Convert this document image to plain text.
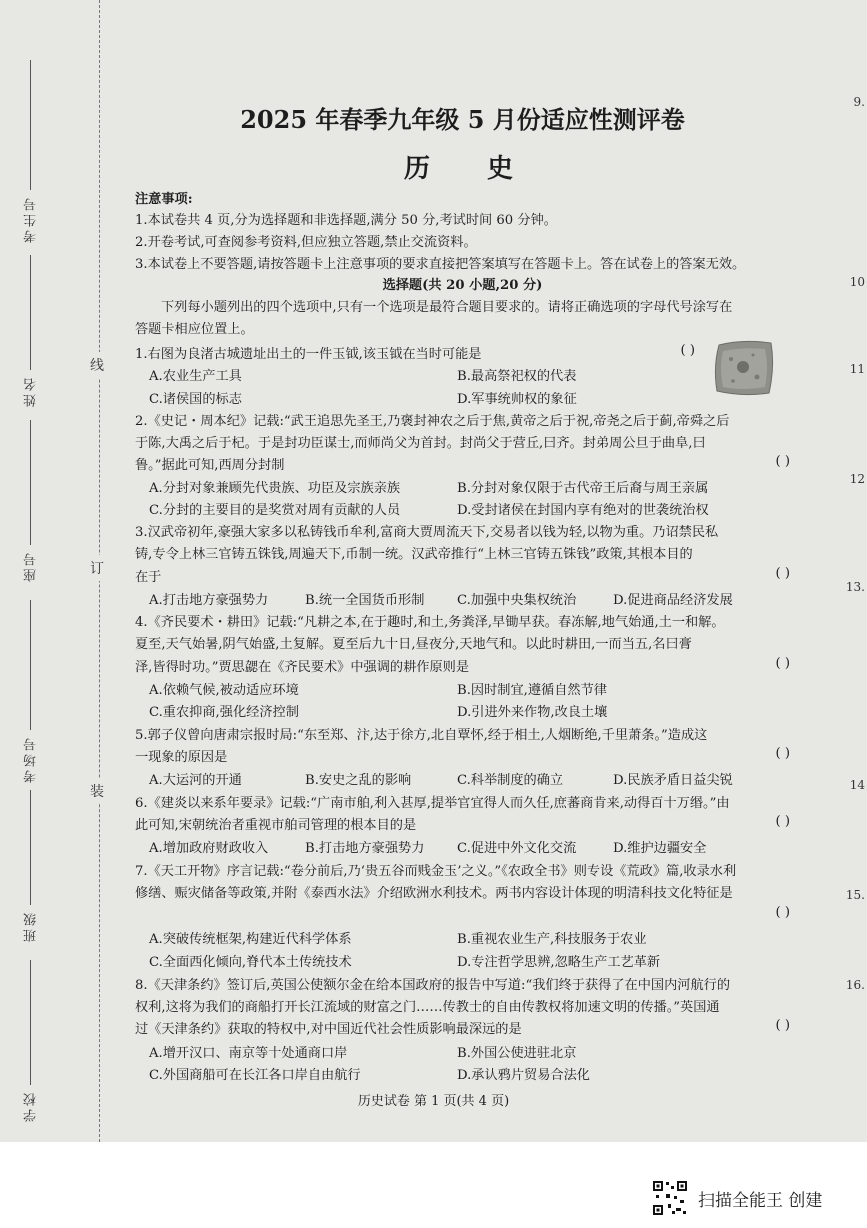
考生号
姓名
座号
考场号
班级
学校
线
订
装
9.
10
11
12
13.
14
15.
16.
2025 年春季九年级 5 月份适应性测评卷
历 史
注意事项:
1.本试卷共 4 页,分为选择题和非选择题,满分 50 分,考试时间 60 分钟。
2.开卷考试,可查阅参考资料,但应独立答题,禁止交流资料。
3.本试卷上不要答题,请按答题卡上注意事项的要求直接把答案填写在答题卡上。答在试卷上的答案无效。
选择题(共 20 小题,20 分)
下列每小题列出的四个选项中,只有一个选项是最符合题目要求的。请将正确选项的字母代号涂写在
答题卡相应位置上。
1.右图为良渚古城遗址出土的一件玉钺,该玉钺在当时可能是	( )
A.农业生产工具	B.最高祭祀权的代表
C.诸侯国的标志	D.军事统帅权的象征
2.《史记・周本纪》记载:“武王追思先圣王,乃褒封神农之后于焦,黄帝之后于祝,帝尧之后于蓟,帝舜之后
于陈,大禹之后于杞。于是封功臣谋士,而师尚父为首封。封尚父于营丘,曰齐。封弟周公旦于曲阜,曰
鲁。”据此可知,西周分封制	( )
A.分封对象兼顾先代贵族、功臣及宗族亲族	B.分封对象仅限于古代帝王后裔与周王亲属
C.分封的主要目的是奖赏对周有贡献的人员	D.受封诸侯在封国内享有绝对的世袭统治权
3.汉武帝初年,豪强大家多以私铸钱币牟利,富商大贾周流天下,交易者以钱为轻,以物为重。乃诏禁民私
铸,专令上林三官铸五铢钱,周遍天下,币制一统。汉武帝推行“上林三官铸五铢钱”政策,其根本目的
在于	( )
A.打击地方豪强势力	B.统一全国货币形制 C.加强中央集权统治	D.促进商品经济发展
4.《齐民要术・耕田》记载:“凡耕之本,在于趣时,和土,务粪泽,早锄早获。春冻解,地气始通,土一和解。
夏至,天气始暑,阴气始盛,土复解。夏至后九十日,昼夜分,天地气和。以此时耕田,一而当五,名曰膏
泽,皆得时功。”贾思勰在《齐民要术》中强调的耕作原则是	( )
A.依赖气候,被动适应环境	B.因时制宜,遵循自然节律
C.重农抑商,强化经济控制	D.引进外来作物,改良土壤
5.郭子仪曾向唐肃宗报时局:“东至郑、汴,达于徐方,北自覃怀,经于相土,人烟断绝,千里萧条。”造成这
一现象的原因是	( )
A.大运河的开通	B.安史之乱的影响	C.科举制度的确立	D.民族矛盾日益尖锐
6.《建炎以来系年要录》记载:“广南市舶,利入甚厚,提举官宜得人而久任,庶蕃商肯来,动得百十万缗。”由
此可知,宋朝统治者重视市舶司管理的根本目的是	( )
A.增加政府财政收入	B.打击地方豪强势力 C.促进中外文化交流	D.维护边疆安全
7.《天工开物》序言记载:“卷分前后,乃‘贵五谷而贱金玉’之义。”《农政全书》则专设《荒政》篇,收录水利
修缮、赈灾储备等政策,并附《泰西水法》介绍欧洲水利技术。两书内容设计体现的明清科技文化特征是
( )
A.突破传统框架,构建近代科学体系	B.重视农业生产,科技服务于农业
C.全面西化倾向,脊代本土传统技术	D.专注哲学思辨,忽略生产工艺革新
8.《天津条约》签订后,英国公使额尔金在给本国政府的报告中写道:“我们终于获得了在中国内河航行的
权利,这将为我们的商船打开长江流域的财富之门……传教士的自由传教权将加速文明的传播。”英国通
过《天津条约》获取的特权中,对中国近代社会性质影响最深远的是	( )
A.增开汉口、南京等十处通商口岸	B.外国公使进驻北京
C.外国商船可在长江各口岸自由航行	D.承认鸦片贸易合法化
历史试卷 第 1 页(共 4 页)
扫描全能王 创建
